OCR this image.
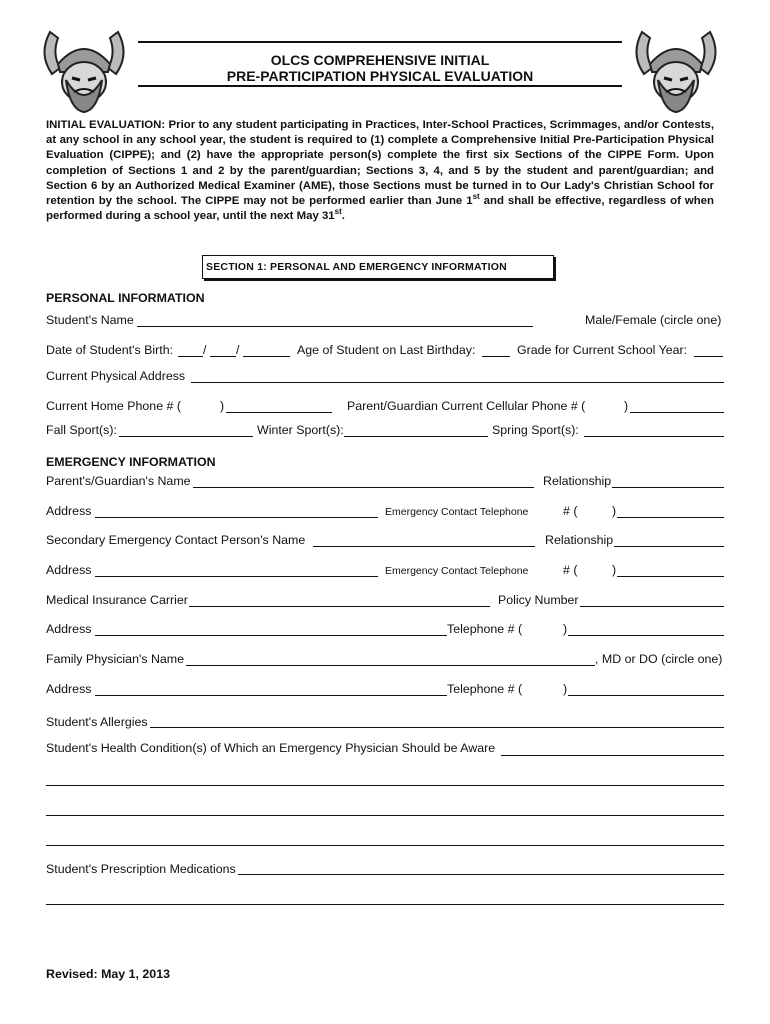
OLCS COMPREHENSIVE INITIAL
PRE-PARTICIPATION PHYSICAL EVALUATION
INITIAL EVALUATION: Prior to any student participating in Practices, Inter-School Practices, Scrimmages, and/or Contests, at any school in any school year, the student is required to (1) complete a Comprehensive Initial Pre-Participation Physical Evaluation (CIPPE); and (2) have the appropriate person(s) complete the first six Sections of the CIPPE Form. Upon completion of Sections 1 and 2 by the parent/guardian; Sections 3, 4, and 5 by the student and parent/guardian; and Section 6 by an Authorized Medical Examiner (AME), those Sections must be turned in to Our Lady's Christian School for retention by the school. The CIPPE may not be performed earlier than June 1st and shall be effective, regardless of when performed during a school year, until the next May 31st.
SECTION 1: PERSONAL AND EMERGENCY INFORMATION
PERSONAL INFORMATION
Student's Name	Male/Female (circle one)
Date of Student's Birth: / /	Age of Student on Last Birthday:	Grade for Current School Year:
Current Physical Address
Current Home Phone # (	)	Parent/Guardian Current Cellular Phone # (	)
Fall Sport(s):	Winter Sport(s):	Spring Sport(s):
EMERGENCY INFORMATION
Parent's/Guardian's Name	Relationship
Address	Emergency Contact Telephone	# (	)
Secondary Emergency Contact Person's Name	Relationship
Address	Emergency Contact Telephone	# (	)
Medical Insurance Carrier	Policy Number
Address	Telephone # (	)
Family Physician's Name	, MD or DO (circle one)
Address	Telephone # (	)
Student's Allergies
Student's Health Condition(s) of Which an Emergency Physician Should be Aware
Student's Prescription Medications
Revised: May 1, 2013
